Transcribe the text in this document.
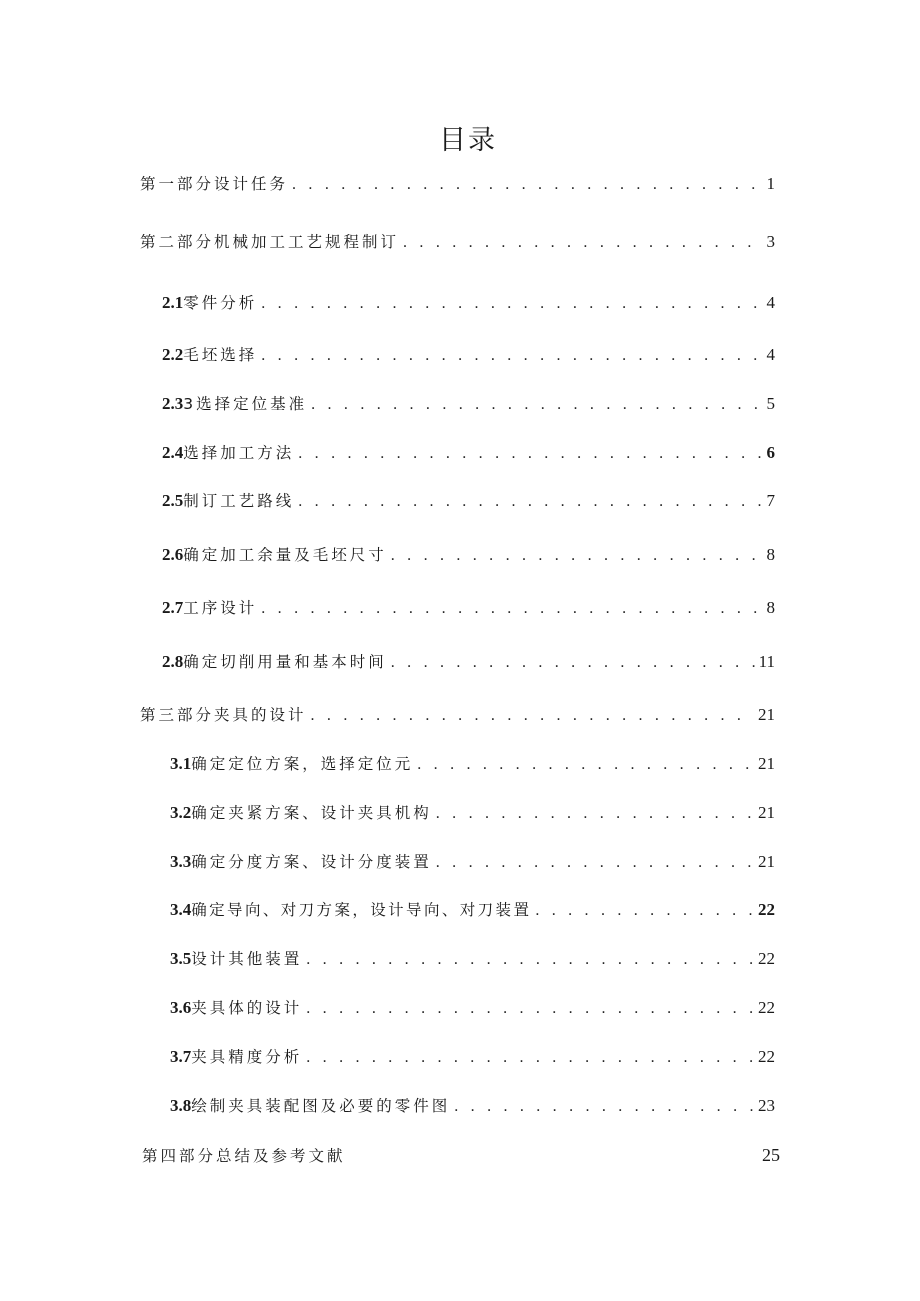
目录
第一部分设计任务 . . .	1
第二部分机械加工工艺规程制订 . . .	3
2.1 零件分析 . . .	4
2.2 毛坯选择 . . .	4
2.3 3选择定位基准 . . .	5
2.4 选择加工方法 . . .	6
2.5 制订工艺路线 . . .	7
2.6 确定加工余量及毛坯尺寸 . . .	8
2.7 工序设计 . . .	8
2.8 确定切削用量和基本时间 . . .	11
第三部分夹具的设计 . . .	21
3.1 确定定位方案，选择定位元 . . .	21
3.2 确定夹紧方案、设计夹具机构 . . .	21
3.3 确定分度方案、设计分度装置 . . .	21
3.4 确定导向、对刀方案，设计导向、对刀装置 . . .	22
3.5 设计其他装置 . . .	22
3.6 夹具体的设计 . . .	22
3.7 夹具精度分析 . . .	22
3.8 绘制夹具装配图及必要的零件图 . . .	23
第四部分总结及参考文献	25
